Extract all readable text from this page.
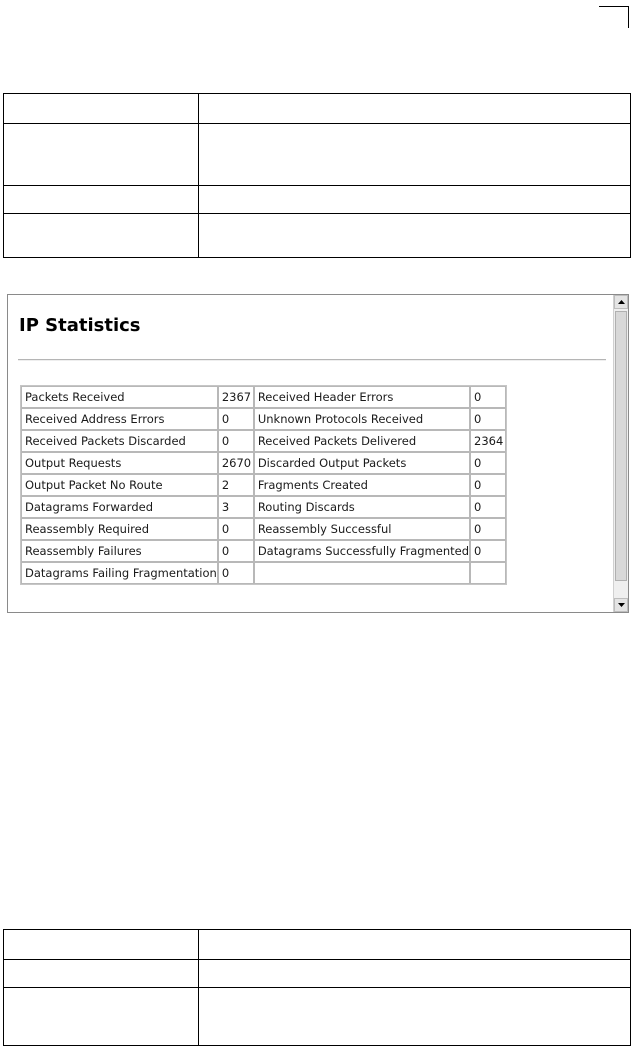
IP Statistics
Packets Received	2367	Received Header Errors	0
Received Address Errors	0	Unknown Protocols Received	0
Received Packets Discarded	0	Received Packets Delivered	2364
Output Requests	2670	Discarded Output Packets	0
Output Packet No Route	2	Fragments Created	0
Datagrams Forwarded	3	Routing Discards	0
Reassembly Required	0	Reassembly Successful	0
Reassembly Failures	0	Datagrams Successfully Fragmented	0
Datagrams Failing Fragmentation	0		
